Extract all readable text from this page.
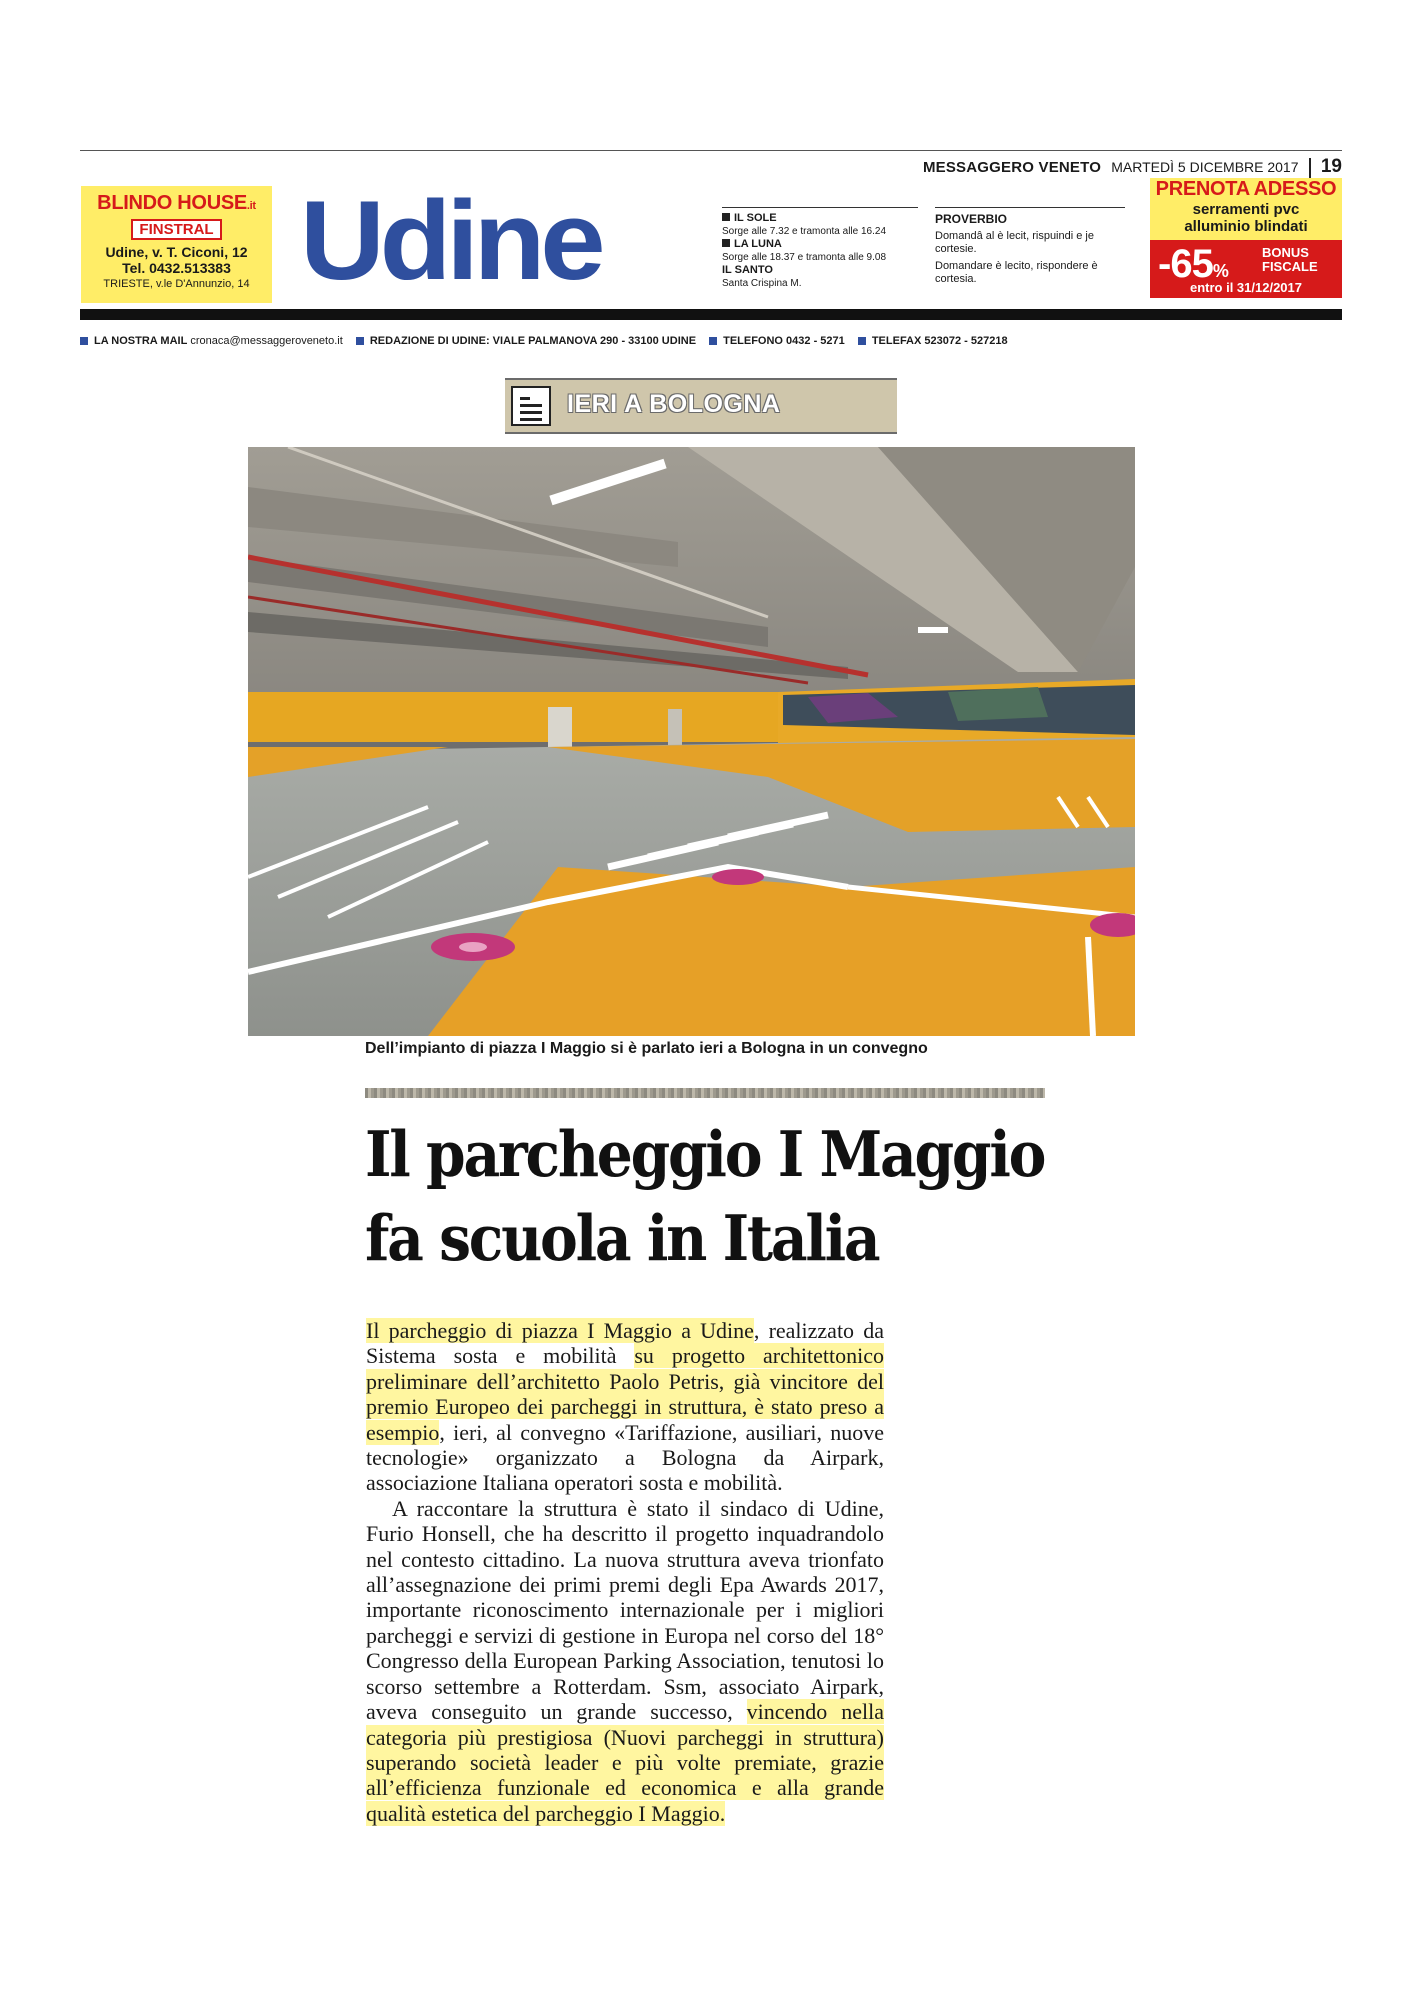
MESSAGGERO VENETO MARTEDÌ 5 DICEMBRE 2017 19
BLINDO HOUSE.it
FINSTRAL
Udine, v. T. Ciconi, 12
Tel. 0432.513383
TRIESTE, v.le D'Annunzio, 14 Udine	IL SOLE
Sorge alle 7.32 e tramonta alle 16.24
LA LUNA
Sorge alle 18.37 e tramonta alle 9.08
IL SANTO
Santa Crispina M.
PROVERBIO

Domandâ al è lecit, rispuindi e je cortesie.

Domandare è lecito, rispondere è cortesia.

PRENOTA ADESSO
serramenti pvc
alluminio blindati
-65%
BONUS FISCALE
entro il 31/12/2017
LA NOSTRA MAIL cronaca@messaggeroveneto.it REDAZIONE DI UDINE: VIALE PALMANOVA 290 - 33100 UDINE TELEFONO 0432 - 5271 TELEFAX 523072 - 527218
IERI A BOLOGNA
Dell’impianto di piazza I Maggio si è parlato ieri a Bologna in un convegno
Il parcheggio I Maggio
fa scuola in Italia

Il parcheggio di piazza I Maggio a Udine, realizzato da Sistema sosta e mobilità su progetto architettonico preliminare dell’architetto Paolo Petris, già vincitore del premio Europeo dei parcheggi in struttura, è stato preso a esempio, ieri, al convegno «Tariffazione, ausiliari, nuove tecnologie» organizzato a Bologna da Airpark, associazione Italiana operatori sosta e mobilità.

A raccontare la struttura è stato il sindaco di Udine, Furio Honsell, che ha descritto il progetto inquadrandolo nel contesto cittadino. La nuova struttura aveva trionfato all’assegnazione dei primi premi degli Epa Awards 2017, importante riconoscimento internazionale per i migliori parcheggi e servizi di gestione in Europa nel corso del 18° Congresso della European Parking Association, tenutosi lo scorso settembre a Rotterdam. Ssm, associato Airpark, aveva conseguito un grande successo, vincendo nella categoria più prestigiosa (Nuovi parcheggi in struttura) superando società leader e più volte premiate, grazie all’efficienza funzionale ed economica e alla grande qualità estetica del parcheggio I Maggio.
